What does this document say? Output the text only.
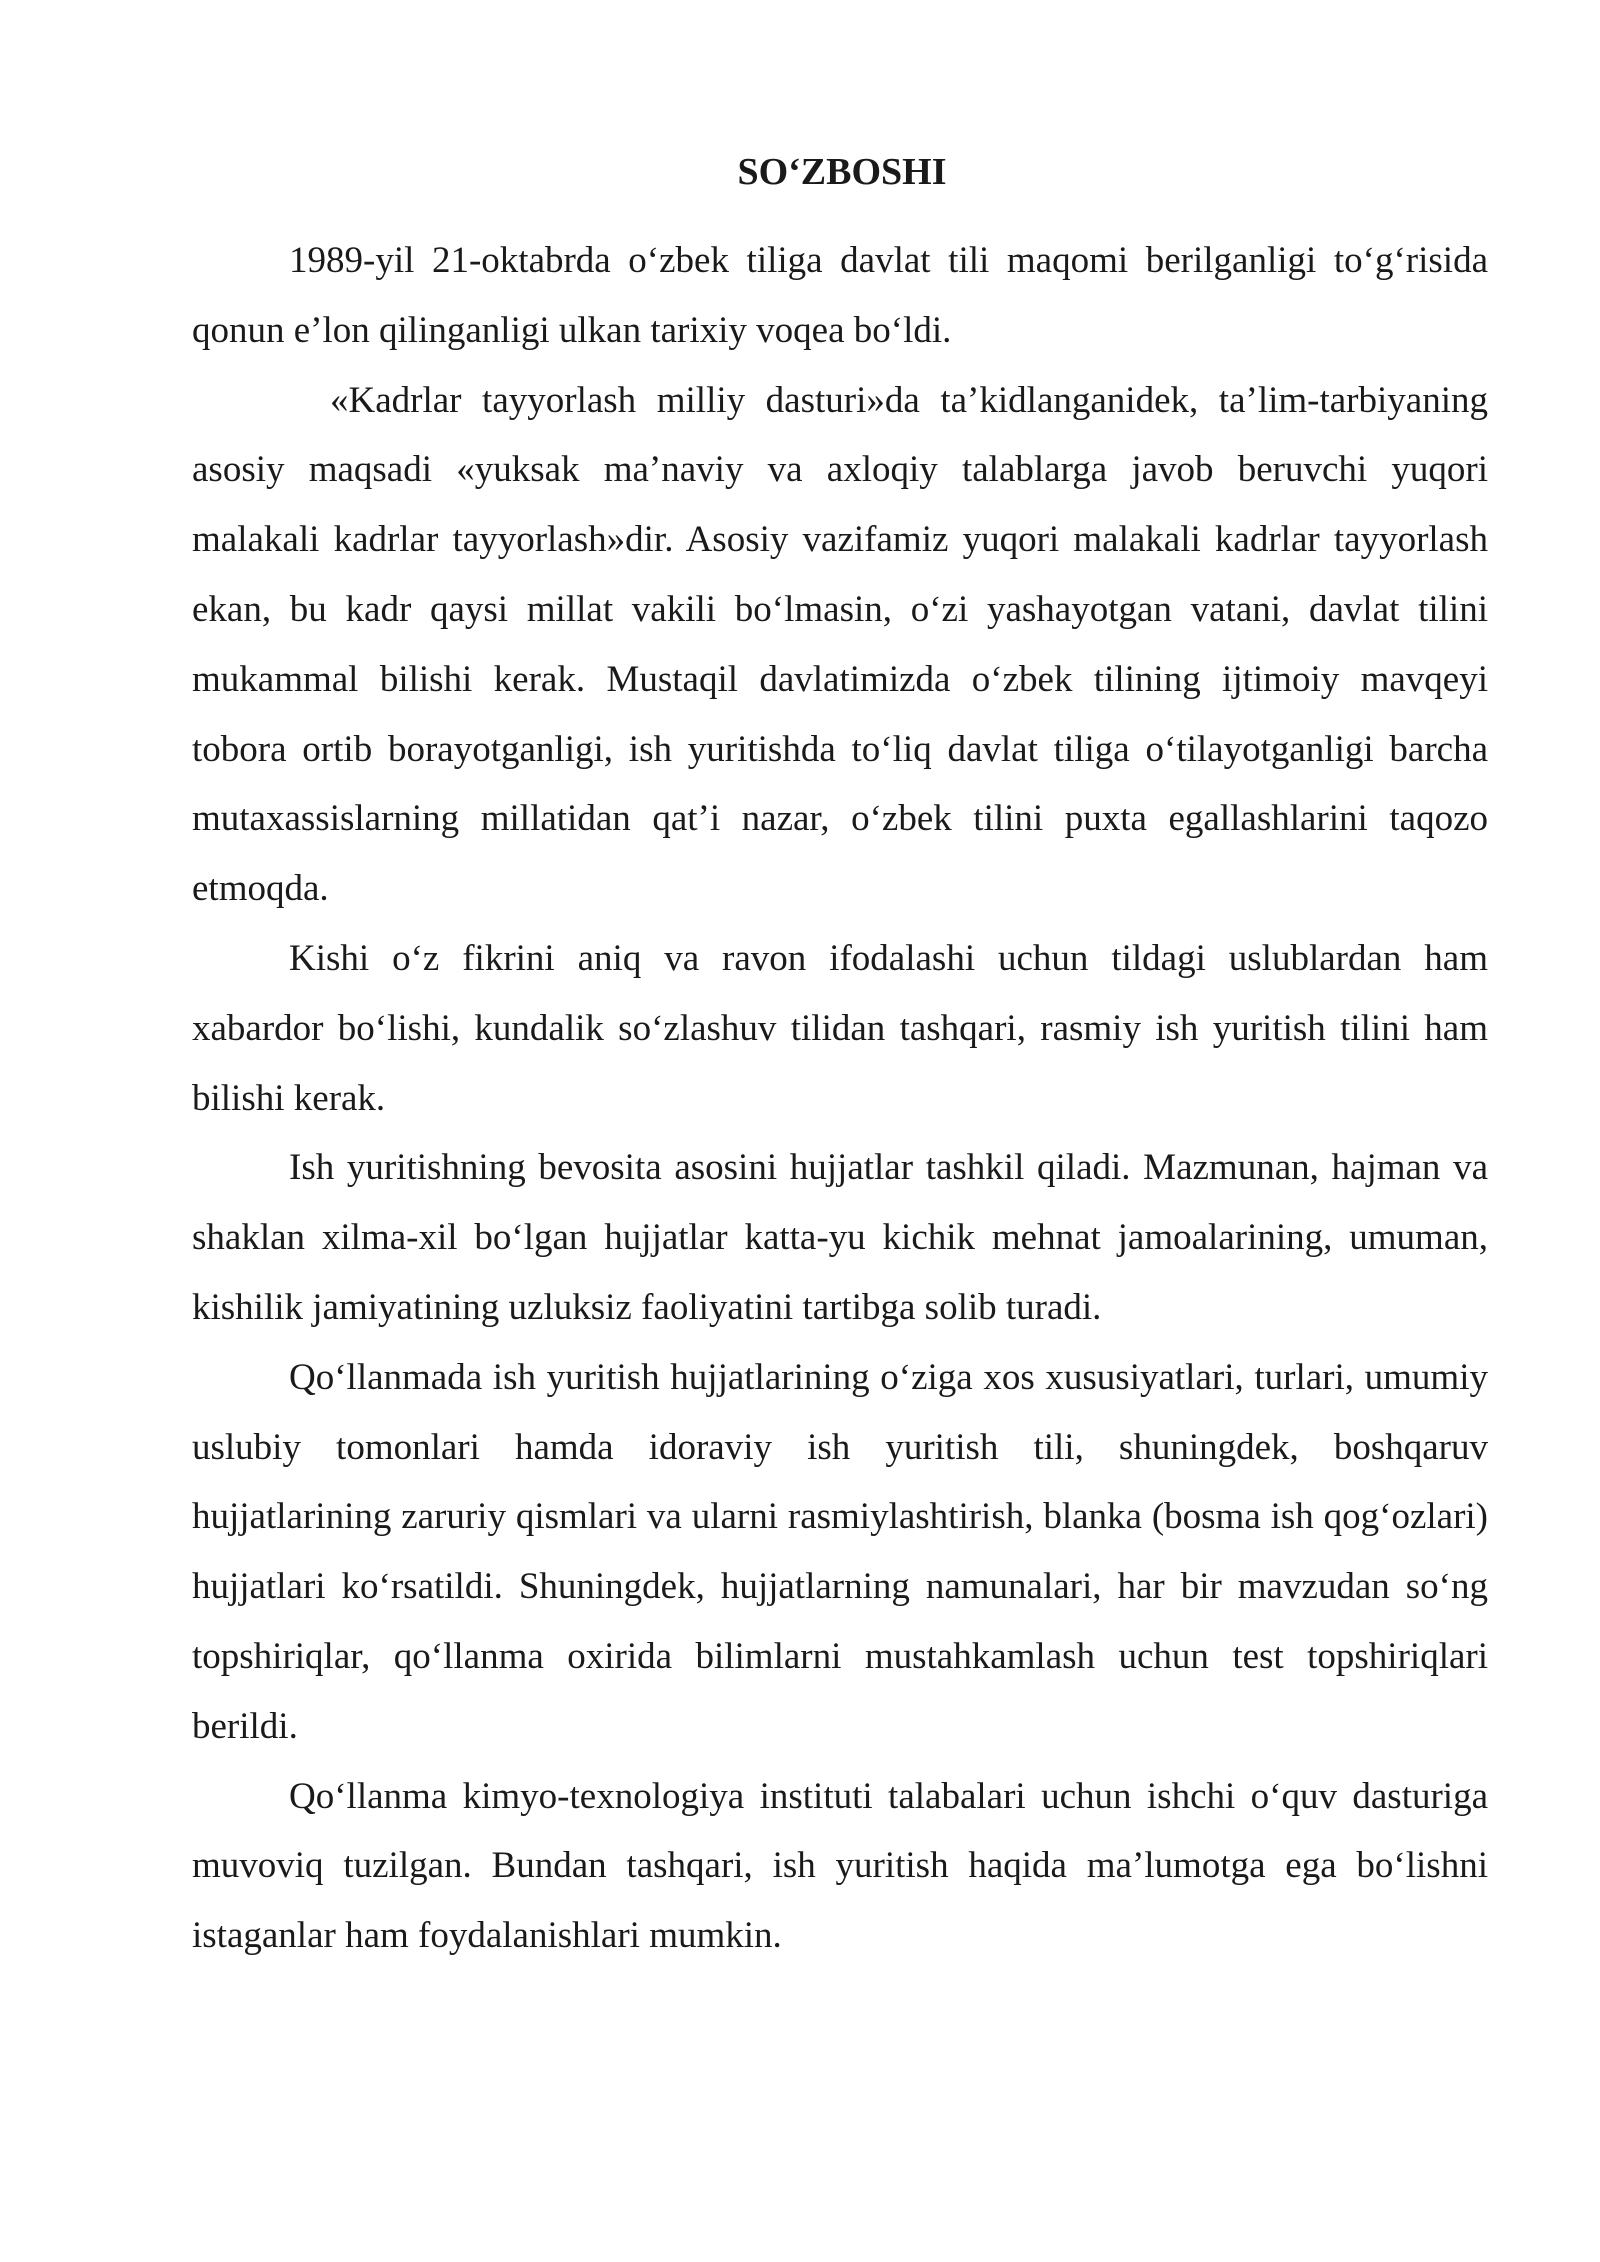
SO‘ZBOSHI

1989-yil 21-oktabrda o‘zbek tiliga davlat tili maqomi berilganligi to‘g‘risida qonun e’lon qilinganligi ulkan tarixiy voqea bo‘ldi.

«Kadrlar tayyorlash milliy dasturi»da ta’kidlanganidek, ta’lim-tarbiyaning asosiy maqsadi «yuksak ma’naviy va axloqiy talablarga javob beruvchi yuqori malakali kadrlar tayyorlash»dir. Asosiy vazifamiz yuqori malakali kadrlar tayyorlash ekan, bu kadr qaysi millat vakili bo‘lmasin, o‘zi yashayotgan vatani, davlat tilini mukammal bilishi kerak. Mustaqil davlatimizda o‘zbek tilining ijtimoiy mavqeyi tobora ortib borayotganligi, ish yuritishda to‘liq davlat tiliga o‘tilayotganligi barcha mutaxassislarning millatidan qat’i nazar, o‘zbek tilini puxta egallashlarini taqozo etmoqda.

Kishi o‘z fikrini aniq va ravon ifodalashi uchun tildagi uslublardan ham xabardor bo‘lishi, kundalik so‘zlashuv tilidan tashqari, rasmiy ish yuritish tilini ham bilishi kerak.

Ish yuritishning bevosita asosini hujjatlar tashkil qiladi. Mazmunan, hajman va shaklan xilma-xil bo‘lgan hujjatlar katta-yu kichik mehnat jamoalarining, umuman, kishilik jamiyatining uzluksiz faoliyatini tartibga solib turadi.

Qo‘llanmada ish yuritish hujjatlarining o‘ziga xos xususiyatlari, turlari, umumiy uslubiy tomonlari hamda idoraviy ish yuritish tili, shuningdek, boshqaruv hujjatlarining zaruriy qismlari va ularni rasmiylashtirish, blanka (bosma ish qog‘ozlari) hujjatlari ko‘rsatildi. Shuningdek, hujjatlarning namunalari, har bir mavzudan so‘ng topshiriqlar, qo‘llanma oxirida bilimlarni mustahkamlash uchun test topshiriqlari berildi.

Qo‘llanma kimyo-texnologiya instituti talabalari uchun ishchi o‘quv dasturiga muvoviq tuzilgan. Bundan tashqari, ish yuritish haqida ma’lumotga ega bo‘lishni istaganlar ham foydalanishlari mumkin.
